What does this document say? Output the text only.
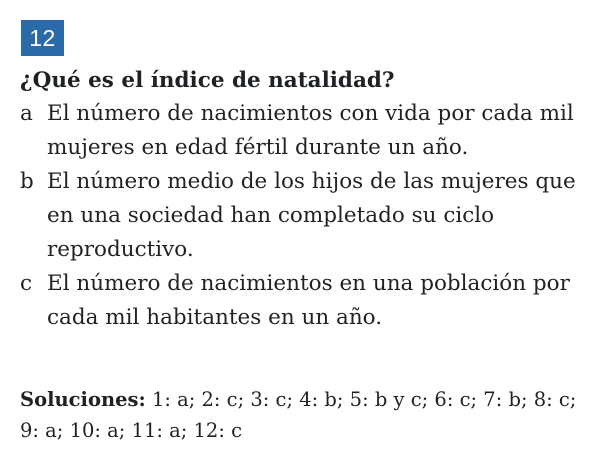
12
¿Qué es el índice de natalidad?
a El número de nacimientos con vida por cada mil mujeres en edad fértil durante un año.
b El número medio de los hijos de las mujeres que en una sociedad han completado su ciclo reproductivo.
c El número de nacimientos en una población por cada mil habitantes en un año.
Soluciones: 1: a; 2: c; 3: c; 4: b; 5: b y c; 6: c; 7: b; 8: c; 9: a; 10: a; 11: a; 12: c
